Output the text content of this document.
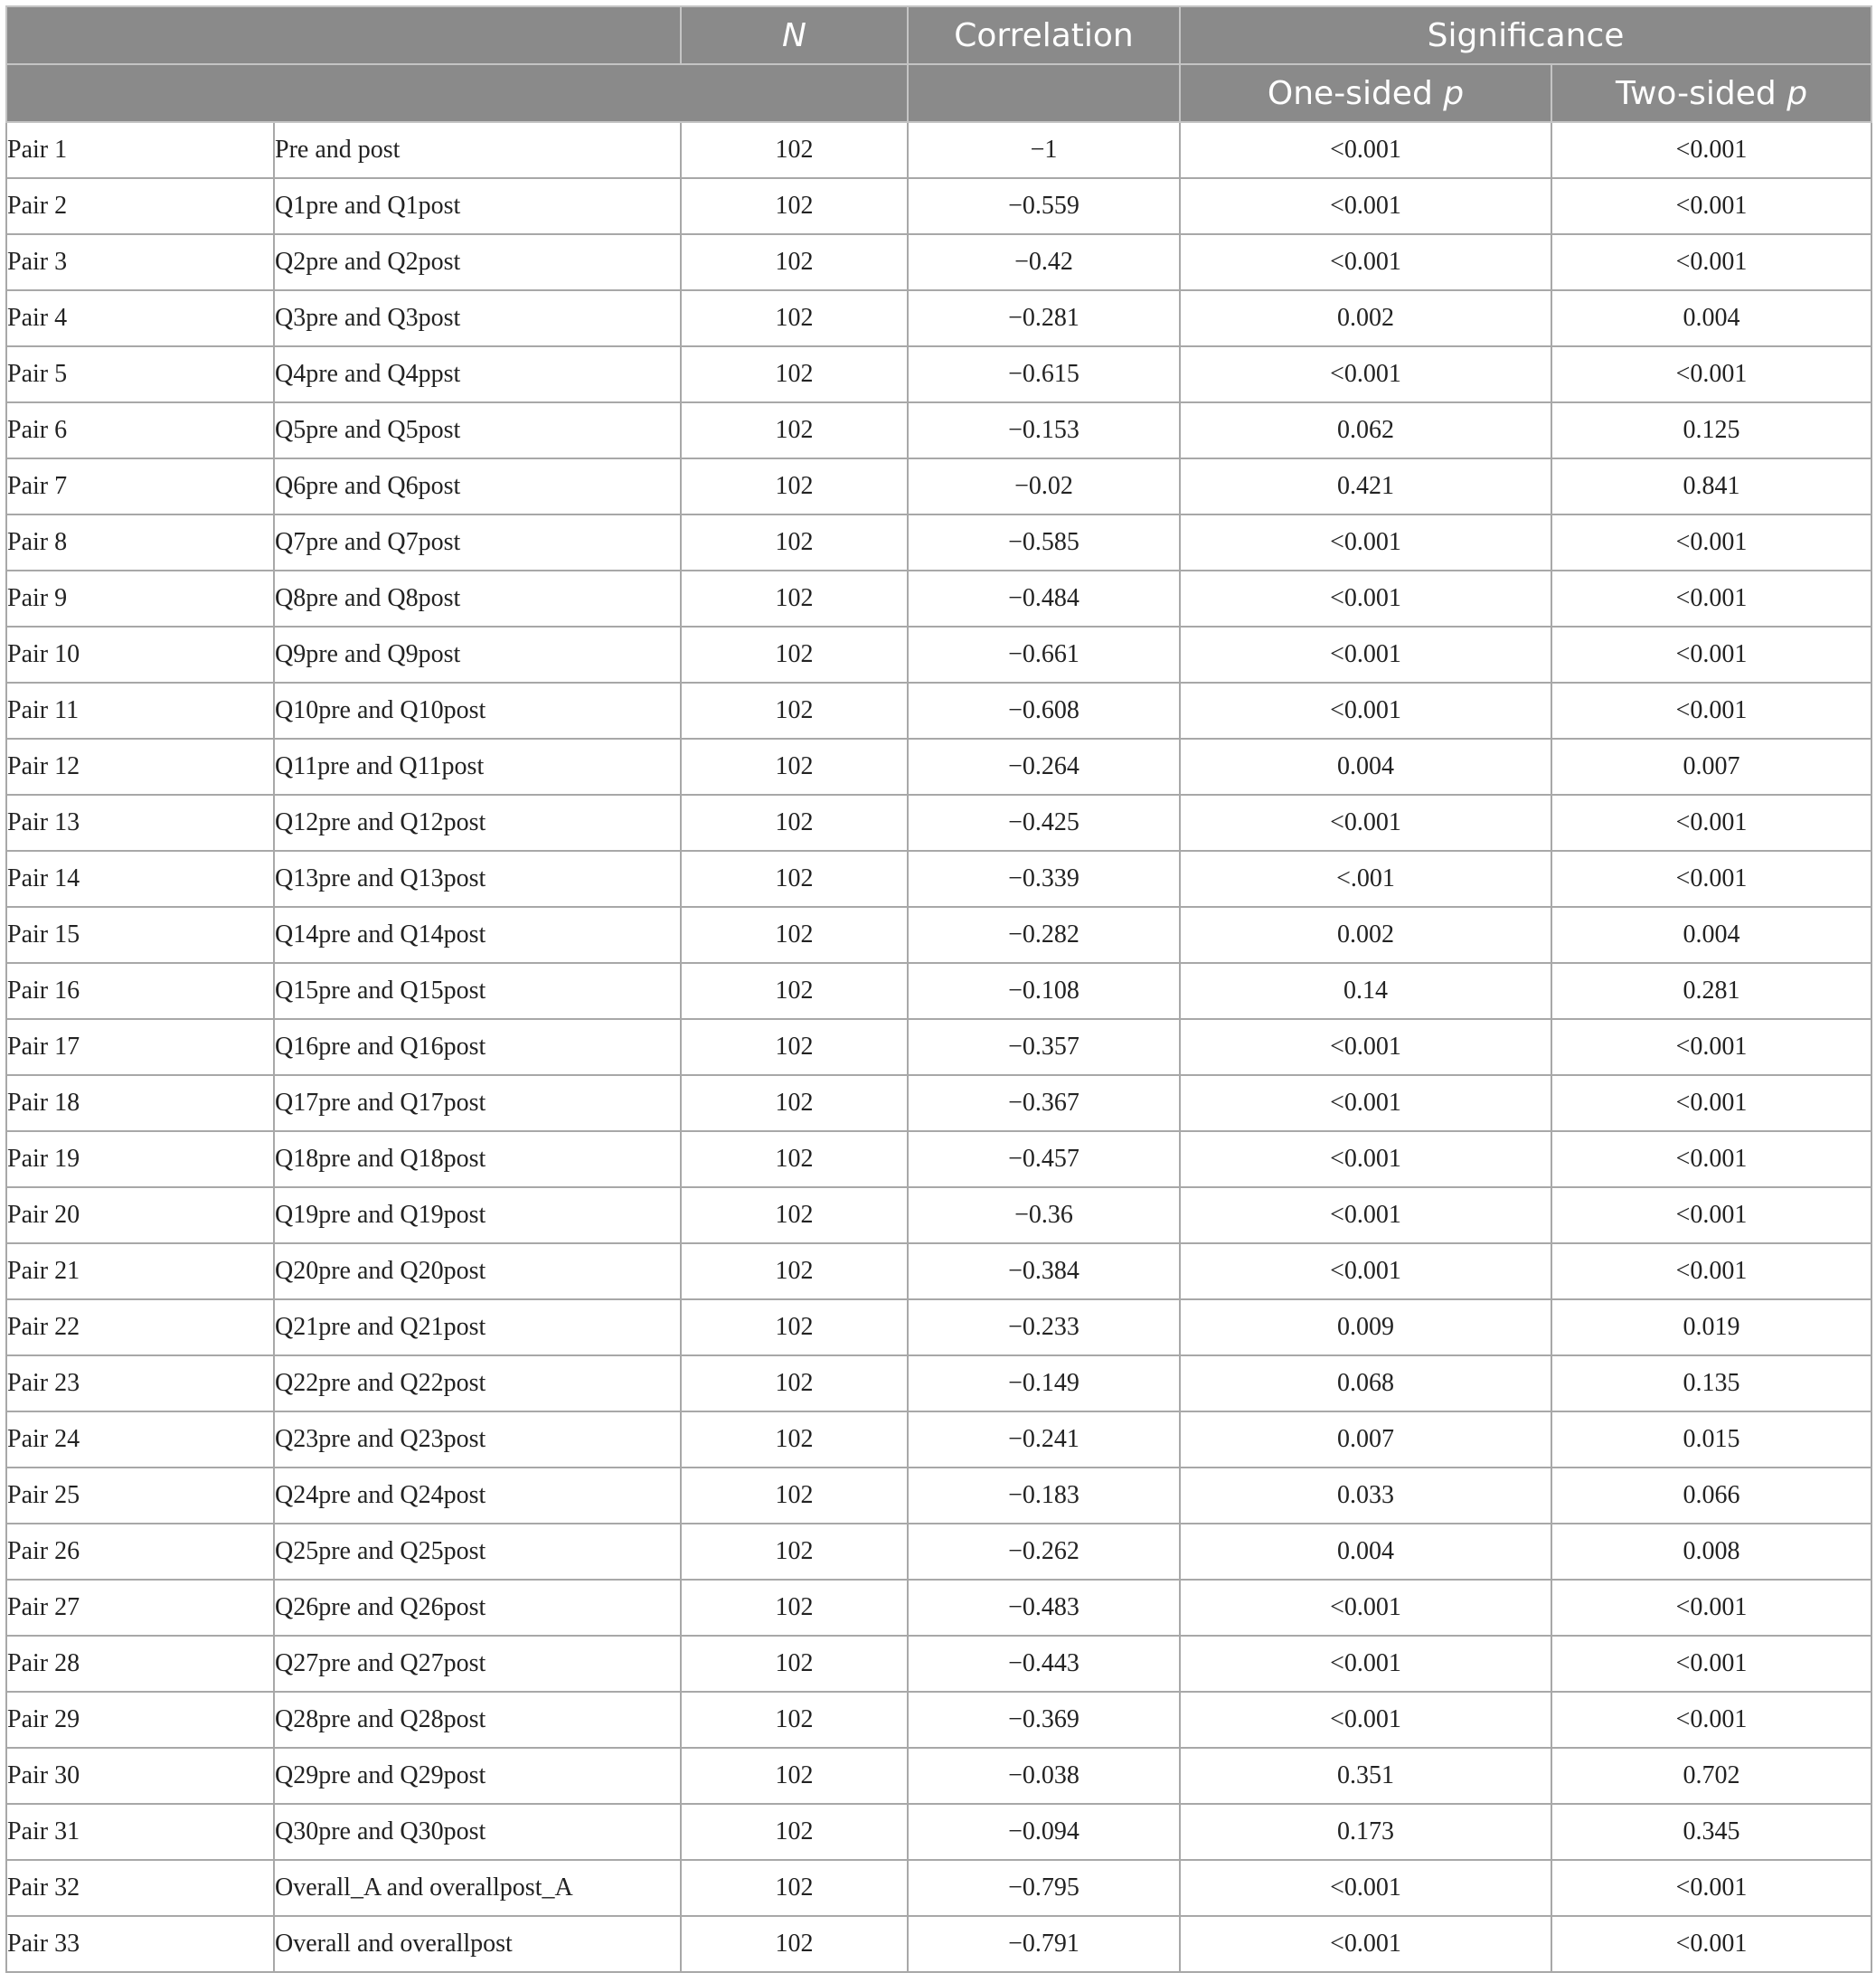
		N	Correlation	Significance	
				One-sided p	Two-sided p
Pair 1	Pre and post	102	−1	<0.001	<0.001
Pair 2	Q1pre and Q1post	102	−0.559	<0.001	<0.001
Pair 3	Q2pre and Q2post	102	−0.42	<0.001	<0.001
Pair 4	Q3pre and Q3post	102	−0.281	0.002	0.004
Pair 5	Q4pre and Q4ppst	102	−0.615	<0.001	<0.001
Pair 6	Q5pre and Q5post	102	−0.153	0.062	0.125
Pair 7	Q6pre and Q6post	102	−0.02	0.421	0.841
Pair 8	Q7pre and Q7post	102	−0.585	<0.001	<0.001
Pair 9	Q8pre and Q8post	102	−0.484	<0.001	<0.001
Pair 10	Q9pre and Q9post	102	−0.661	<0.001	<0.001
Pair 11	Q10pre and Q10post	102	−0.608	<0.001	<0.001
Pair 12	Q11pre and Q11post	102	−0.264	0.004	0.007
Pair 13	Q12pre and Q12post	102	−0.425	<0.001	<0.001
Pair 14	Q13pre and Q13post	102	−0.339	<.001	<0.001
Pair 15	Q14pre and Q14post	102	−0.282	0.002	0.004
Pair 16	Q15pre and Q15post	102	−0.108	0.14	0.281
Pair 17	Q16pre and Q16post	102	−0.357	<0.001	<0.001
Pair 18	Q17pre and Q17post	102	−0.367	<0.001	<0.001
Pair 19	Q18pre and Q18post	102	−0.457	<0.001	<0.001
Pair 20	Q19pre and Q19post	102	−0.36	<0.001	<0.001
Pair 21	Q20pre and Q20post	102	−0.384	<0.001	<0.001
Pair 22	Q21pre and Q21post	102	−0.233	0.009	0.019
Pair 23	Q22pre and Q22post	102	−0.149	0.068	0.135
Pair 24	Q23pre and Q23post	102	−0.241	0.007	0.015
Pair 25	Q24pre and Q24post	102	−0.183	0.033	0.066
Pair 26	Q25pre and Q25post	102	−0.262	0.004	0.008
Pair 27	Q26pre and Q26post	102	−0.483	<0.001	<0.001
Pair 28	Q27pre and Q27post	102	−0.443	<0.001	<0.001
Pair 29	Q28pre and Q28post	102	−0.369	<0.001	<0.001
Pair 30	Q29pre and Q29post	102	−0.038	0.351	0.702
Pair 31	Q30pre and Q30post	102	−0.094	0.173	0.345
Pair 32	Overall_A and overallpost_A	102	−0.795	<0.001	<0.001
Pair 33	Overall and overallpost	102	−0.791	<0.001	<0.001
